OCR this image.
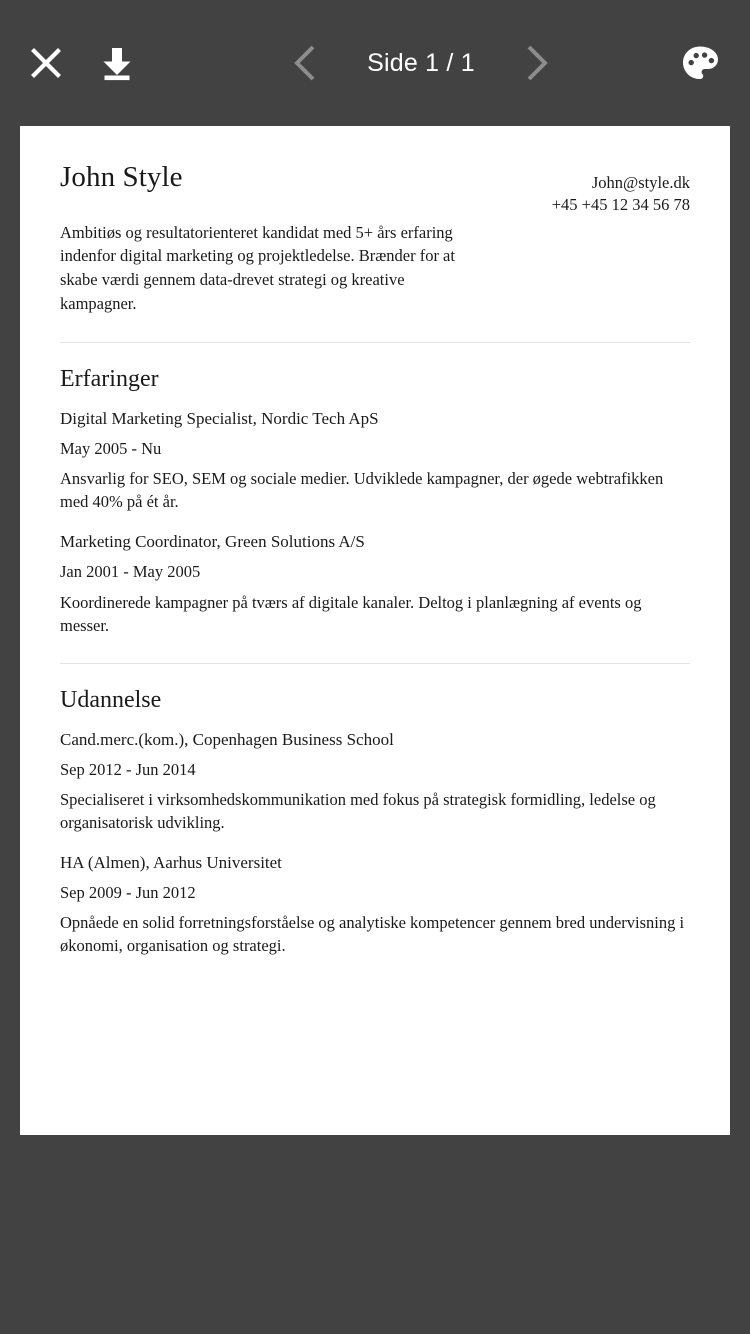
Side 1 / 1
John Style	John@style.dk
+45 +45 12 34 56 78

Ambitiøs og resultatorienteret kandidat med 5+ års erfaring indenfor digital marketing og projektledelse. Brænder for at skabe værdi gennem data-drevet strategi og kreative kampagner.

Erfaringer
Digital Marketing Specialist, Nordic Tech ApS
May 2005 - Nu

Ansvarlig for SEO, SEM og sociale medier. Udviklede kampagner, der øgede webtrafikken med 40% på ét år.

Marketing Coordinator, Green Solutions A/S
Jan 2001 - May 2005

Koordinerede kampagner på tværs af digitale kanaler. Deltog i planlægning af events og messer.

Udannelse
Cand.merc.(kom.), Copenhagen Business School
Sep 2012 - Jun 2014

Specialiseret i virksomhedskommunikation med fokus på strategisk formidling, ledelse og organisatorisk udvikling.

HA (Almen), Aarhus Universitet
Sep 2009 - Jun 2012

Opnåede en solid forretningsforståelse og analytiske kompetencer gennem bred undervisning i økonomi, organisation og strategi.
